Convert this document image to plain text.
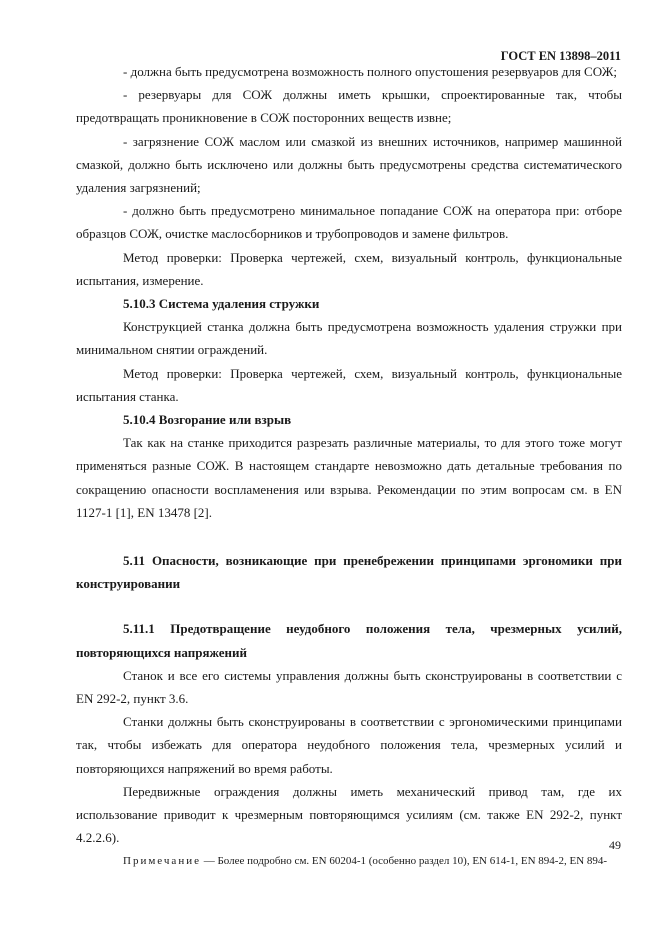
ГОСТ EN 13898–2011

- должна быть предусмотрена возможность полного опустошения резервуаров для СОЖ;

- резервуары для СОЖ должны иметь крышки, спроектированные так, чтобы предотвращать проникновение в СОЖ посторонних веществ извне;

- загрязнение СОЖ маслом или смазкой из внешних источников, например машинной смазкой, должно быть исключено или должны быть предусмотрены средства систематического удаления загрязнений;

- должно быть предусмотрено минимальное попадание СОЖ на оператора при: отборе образцов СОЖ, очистке маслосборников и трубопроводов и замене фильтров.

Метод проверки: Проверка чертежей, схем, визуальный контроль, функциональные испытания, измерение.

5.10.3 Система удаления стружки

Конструкцией станка должна быть предусмотрена возможность удаления стружки при минимальном снятии ограждений.

Метод проверки: Проверка чертежей, схем, визуальный контроль, функциональные испытания станка.

5.10.4 Возгорание или взрыв

Так как на станке приходится разрезать различные материалы, то для этого тоже могут применяться разные СОЖ. В настоящем стандарте невозможно дать детальные требования по сокращению опасности воспламенения или взрыва. Рекомендации по этим вопросам см. в EN 1127-1 [1], EN 13478 [2].

5.11 Опасности, возникающие при пренебрежении принципами эргономики при конструировании
5.11.1 Предотвращение неудобного положения тела, чрезмерных усилий, повторяющихся напряжений

Станок и все его системы управления должны быть сконструированы в соответствии с EN 292-2, пункт 3.6.

Станки должны быть сконструированы в соответствии с эргономическими принципами так, чтобы избежать для оператора неудобного положения тела, чрезмерных усилий и повторяющихся напряжений во время работы.

Передвижные ограждения должны иметь механический привод там, где их использование приводит к чрезмерным повторяющимся усилиям (см. также EN 292-2, пункт 4.2.2.6).

Примечание — Более подробно см. EN 60204-1 (особенно раздел 10), EN 614-1, EN 894-2, EN 894-
49
